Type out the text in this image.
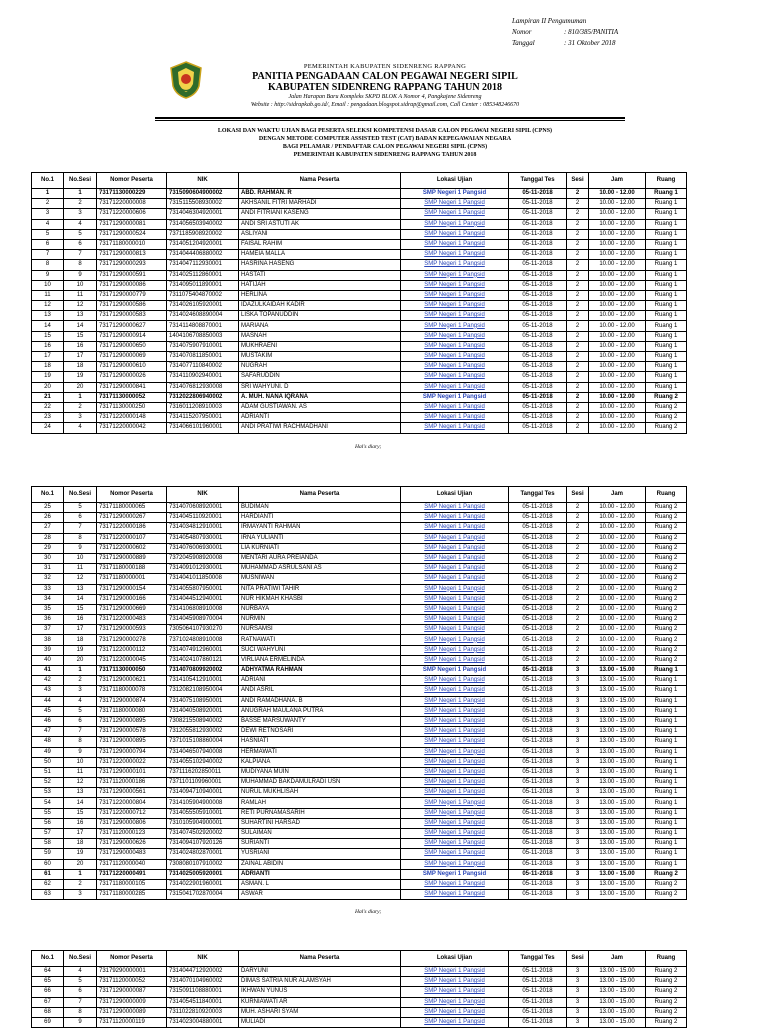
Lampiran II Pengumuman
Nomor	: 810/385/PANITIA
Tanggal	: 31 Oktober 2018
PEMERINTAH KABUPATEN SIDENRENG RAPPANG
PANITIA PENGADAAN CALON PEGAWAI NEGERI SIPIL
KABUPATEN SIDENRENG RAPPANG TAHUN 2018
Jalan Harapan Baru Kompleks SKPD BLOK A Nomor 4, Pangkajene Sidenreng
Website : http://sidrapkab.go.id/, Email : pengadaan.blogspot.sidrap@gmail.com, Call Center : 085348246670
LOKASI DAN WAKTU UJIAN BAGI PESERTA SELEKSI KOMPETENSI DASAR CALON PEGAWAI NEGERI SIPIL (CPNS)
DENGAN METODE COMPUTER ASSISTED TEST (CAT) BADAN KEPEGAWAIAN NEGARA
BAGI PELAMAR / PENDAFTAR CALON PEGAWAI NEGERI SIPIL (CPNS)
PEMERINTAH KABUPATEN SIDENRENG RAPPANG TAHUN 2018
No.1	No.Sesi	Nomor Peserta	NIK	Nama Peserta	Lokasi Ujian	Tanggal Tes	Sesi	Jam	Ruang
1	1	73171130000229	7315090604900002	ABD. RAHMAN. R	SMP Negeri 1 Pangsid	05-11-2018	2	10.00 - 12.00	Ruang 1
2	2	73171220000008	7315115508930002	AKHSANIL FITRI MARHADI	SMP Negeri 1 Pangsid	05-11-2018	2	10.00 - 12.00	Ruang 1
3	3	73171220000606	7314046304920001	ANDI FITRIANI KASENG	SMP Negeri 1 Pangsid	05-11-2018	2	10.00 - 12.00	Ruang 1
4	4	73171290000081	7314056503940002	ANDI SRI ASTUTI AK	SMP Negeri 1 Pangsid	05-11-2018	2	10.00 - 12.00	Ruang 1
5	5	73171290000524	7371185908920002	ASLIYANI	SMP Negeri 1 Pangsid	05-11-2018	2	10.00 - 12.00	Ruang 1
6	6	73171180000010	7314051204920001	FAISAL RAHIM	SMP Negeri 1 Pangsid	05-11-2018	2	10.00 - 12.00	Ruang 1
7	7	73171290000813	7314044406880002	HAMEIA MALLA	SMP Negeri 1 Pangsid	05-11-2018	2	10.00 - 12.00	Ruang 1
8	8	73171290000293	7314047112930001	HASRINA HASENG	SMP Negeri 1 Pangsid	05-11-2018	2	10.00 - 12.00	Ruang 1
9	9	73171290000591	7314025112860001	HASTATI	SMP Negeri 1 Pangsid	05-11-2018	2	10.00 - 12.00	Ruang 1
10	10	73171290000086	7314095011890001	HATIJAH	SMP Negeri 1 Pangsid	05-11-2018	2	10.00 - 12.00	Ruang 1
11	11	73171290000779	7311075404870002	HERLINA	SMP Negeri 1 Pangsid	05-11-2018	2	10.00 - 12.00	Ruang 1
12	12	73171290000586	7314026105920001	IDAZULKAIDAH KADIR	SMP Negeri 1 Pangsid	05-11-2018	2	10.00 - 12.00	Ruang 1
13	13	73171290000583	7314024608890004	LISKA TOPANUDDIN	SMP Negeri 1 Pangsid	05-11-2018	2	10.00 - 12.00	Ruang 1
14	14	73171290000627	7314114808870001	MARIANA	SMP Negeri 1 Pangsid	05-11-2018	2	10.00 - 12.00	Ruang 1
15	15	73171290000914	1404106708850003	MASNAH	SMP Negeri 1 Pangsid	05-11-2018	2	10.00 - 12.00	Ruang 1
16	16	73171290000650	7314075907910001	MUKHRAENI	SMP Negeri 1 Pangsid	05-11-2018	2	10.00 - 12.00	Ruang 1
17	17	73171290000069	7314070811850001	MUSTAKIM	SMP Negeri 1 Pangsid	05-11-2018	2	10.00 - 12.00	Ruang 1
18	18	73171290000610	7314077110840002	NUGRAH	SMP Negeri 1 Pangsid	05-11-2018	2	10.00 - 12.00	Ruang 1
19	19	73171290000026	7314110902940001	SAFARUDDIN	SMP Negeri 1 Pangsid	05-11-2018	2	10.00 - 12.00	Ruang 1
20	20	73171290000841	7314076812930008	SRI WAHYUNI. D	SMP Negeri 1 Pangsid	05-11-2018	2	10.00 - 12.00	Ruang 1
21	1	73171130000052	7312022806940002	A. MUH. NANA IQRANA	SMP Negeri 1 Pangsid	05-11-2018	2	10.00 - 12.00	Ruang 2
22	2	73171130000250	7316011208910003	ADAM GUSTIAWAN. AS	SMP Negeri 1 Pangsid	05-11-2018	2	10.00 - 12.00	Ruang 2
23	3	73171220000148	7314115207950001	ADRIANTI	SMP Negeri 1 Pangsid	05-11-2018	2	10.00 - 12.00	Ruang 2
24	4	73171220000042	7314066101960001	ANDI PRATIWI RACHMADHANI	SMP Negeri 1 Pangsid	05-11-2018	2	10.00 - 12.00	Ruang 2
Hal's diary;
No.1	No.Sesi	Nomor Peserta	NIK	Nama Peserta	Lokasi Ujian	Tanggal Tes	Sesi	Jam	Ruang
25	5	73171180000065	7314070608920001	BUDIMAN	SMP Negeri 1 Pangsid	05-11-2018	2	10.00 - 12.00	Ruang 2
26	6	73171290000267	7314045110920001	HARDIANTI	SMP Negeri 1 Pangsid	05-11-2018	2	10.00 - 12.00	Ruang 2
27	7	73171220000186	7314034812910001	IRMAYANTI RAHMAN	SMP Negeri 1 Pangsid	05-11-2018	2	10.00 - 12.00	Ruang 2
28	8	73171220000107	7314054807930001	IRNA YULIANTI	SMP Negeri 1 Pangsid	05-11-2018	2	10.00 - 12.00	Ruang 2
29	9	73171220000602	7314076006930001	LIA KURNIATI	SMP Negeri 1 Pangsid	05-11-2018	2	10.00 - 12.00	Ruang 2
30	10	73171290000889	7372045908920008	MENTARI AURA PREIANDA	SMP Negeri 1 Pangsid	05-11-2018	2	10.00 - 12.00	Ruang 2
31	11	73171180000188	7314091012930001	MUHAMMAD ASRULSANI AS	SMP Negeri 1 Pangsid	05-11-2018	2	10.00 - 12.00	Ruang 2
32	12	73171180000001	7314041011850008	MUSNIWAN	SMP Negeri 1 Pangsid	05-11-2018	2	10.00 - 12.00	Ruang 2
33	13	73171290000154	7314055807950001	NITA PRATIWI TAHIR	SMP Negeri 1 Pangsid	05-11-2018	2	10.00 - 12.00	Ruang 2
34	14	73171290000166	7314044512940001	NUR HIKMAH KHASBI	SMP Negeri 1 Pangsid	05-11-2018	2	10.00 - 12.00	Ruang 2
35	15	73171290000669	7314106808910008	NURBAYA	SMP Negeri 1 Pangsid	05-11-2018	2	10.00 - 12.00	Ruang 2
36	16	73171220000483	7314045908970004	NURMIN	SMP Negeri 1 Pangsid	05-11-2018	2	10.00 - 12.00	Ruang 2
37	17	73171290000593	7305064107930270	NURSAMSI	SMP Negeri 1 Pangsid	05-11-2018	2	10.00 - 12.00	Ruang 2
38	18	73171290000278	7371024808910008	RATNAWATI	SMP Negeri 1 Pangsid	05-11-2018	2	10.00 - 12.00	Ruang 2
39	19	73171220000112	7314074912960001	SUCI WAHYUNI	SMP Negeri 1 Pangsid	05-11-2018	2	10.00 - 12.00	Ruang 2
40	20	73171220000045	7314024107860121	VIRLIANA ERMELINDA	SMP Negeri 1 Pangsid	05-11-2018	2	10.00 - 12.00	Ruang 2
41	1	73171130000050	7314070809920002	ADHYATMA RAHMAN	SMP Negeri 1 Pangsid	05-11-2018	3	13.00 - 15.00	Ruang 1
42	2	73171290000621	7314105412910001	ADRIANI	SMP Negeri 1 Pangsid	05-11-2018	3	13.00 - 15.00	Ruang 1
43	3	73171180000078	7312082108950004	ANDI ASRIL	SMP Negeri 1 Pangsid	05-11-2018	3	13.00 - 15.00	Ruang 1
44	4	73171290000874	7314075108950001	ANDI RAMADHANA. B	SMP Negeri 1 Pangsid	05-11-2018	3	13.00 - 15.00	Ruang 1
45	5	73171180000080	7314040508920001	ANUGRAH MAULANA PUTRA	SMP Negeri 1 Pangsid	05-11-2018	3	13.00 - 15.00	Ruang 1
46	6	73171290000895	7308215508940002	BASSE MARSUWANTY	SMP Negeri 1 Pangsid	05-11-2018	3	13.00 - 15.00	Ruang 1
47	7	73171290000578	7312055812930002	DEWI RETNOSARI	SMP Negeri 1 Pangsid	05-11-2018	3	13.00 - 15.00	Ruang 1
48	8	73171290000895	7371015108860004	HASNIATI	SMP Negeri 1 Pangsid	05-11-2018	3	13.00 - 15.00	Ruang 1
49	9	73171290000794	7314046507940008	HERMAWATI	SMP Negeri 1 Pangsid	05-11-2018	3	13.00 - 15.00	Ruang 1
50	10	73171220000022	7314055102940002	KALPIANA	SMP Negeri 1 Pangsid	05-11-2018	3	13.00 - 15.00	Ruang 1
51	11	73171290000101	7371116202850011	MUDIYANA MUIN	SMP Negeri 1 Pangsid	05-11-2018	3	13.00 - 15.00	Ruang 1
52	12	73171120000186	7371101109960001	MUHAMMAD BAKDAMULRADI USN	SMP Negeri 1 Pangsid	05-11-2018	3	13.00 - 15.00	Ruang 1
53	13	73171290000561	7314094710940001	NURUL MUKHLISAH	SMP Negeri 1 Pangsid	05-11-2018	3	13.00 - 15.00	Ruang 1
54	14	73171220000804	7314105904900008	RAMLAH	SMP Negeri 1 Pangsid	05-11-2018	3	13.00 - 15.00	Ruang 1
55	15	73171220000712	7314055505910001	RETI PURNAMASARIH	SMP Negeri 1 Pangsid	05-11-2018	3	13.00 - 15.00	Ruang 1
56	16	73171290000806	7310105904900001	SUHARTINI HARSAD	SMP Negeri 1 Pangsid	05-11-2018	3	13.00 - 15.00	Ruang 1
57	17	73171120000123	7314074502920002	SULAIMAN	SMP Negeri 1 Pangsid	05-11-2018	3	13.00 - 15.00	Ruang 1
58	18	73171290000626	7314094107920126	SURIANTI	SMP Negeri 1 Pangsid	05-11-2018	3	13.00 - 15.00	Ruang 1
59	19	73171290000483	7314024802870001	YUSRIANI	SMP Negeri 1 Pangsid	05-11-2018	3	13.00 - 15.00	Ruang 1
60	20	73171120000040	7308080107910002	ZAINAL ABIDIN	SMP Negeri 1 Pangsid	05-11-2018	3	13.00 - 15.00	Ruang 1
61	1	73171220000491	7314025005920001	ADRIANTI	SMP Negeri 1 Pangsid	05-11-2018	3	13.00 - 15.00	Ruang 2
62	2	73171180000105	7314022901960001	ASMAN. L	SMP Negeri 1 Pangsid	05-11-2018	3	13.00 - 15.00	Ruang 2
63	3	73171180000285	7315041702870004	ASWAR	SMP Negeri 1 Pangsid	05-11-2018	3	13.00 - 15.00	Ruang 2
Hal's diary;
No.1	No.Sesi	Nomor Peserta	NIK	Nama Peserta	Lokasi Ujian	Tanggal Tes	Sesi	Jam	Ruang
64	4	73179290000001	7314044712920002	DARYUNI	SMP Negeri 1 Pangsid	05-11-2018	3	13.00 - 15.00	Ruang 2
65	5	73171120000052	7314070104960002	DIMAS SATRIA NUR ALAMSYAH	SMP Negeri 1 Pangsid	05-11-2018	3	13.00 - 15.00	Ruang 2
66	6	73171290000087	7315091108880001	IKHWAN YUNUS	SMP Negeri 1 Pangsid	05-11-2018	3	13.00 - 15.00	Ruang 2
67	7	73171290000009	7314054511840001	KURNIAWATI AR	SMP Negeri 1 Pangsid	05-11-2018	3	13.00 - 15.00	Ruang 2
68	8	73171290000089	7311022810920003	MUH. ASHARI SYAM	SMP Negeri 1 Pangsid	05-11-2018	3	13.00 - 15.00	Ruang 2
69	9	73171120000119	7314023004880001	MULIADI	SMP Negeri 1 Pangsid	05-11-2018	3	13.00 - 15.00	Ruang 2
